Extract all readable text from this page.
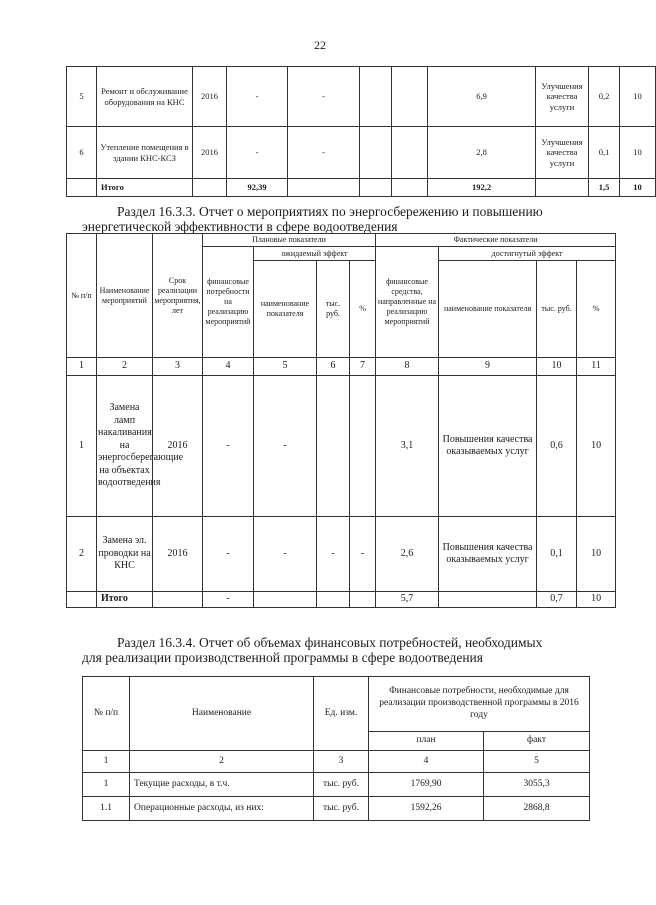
22
5	Ремонт и обслуживание оборудования на КНС	2016	-	-			6,9	Улучшения качества услуги	0,2	10
6	Утепление помещения в здании КНС-КСЗ	2016	-	-			2,8	Улучшения качества услуги	0,1	10
	Итого		92,39				192,2		1,5	10
Раздел 16.3.3. Отчет о мероприятиях по энергосбережению и повышению
энергетической эффективности в сфере водоотведения
№ п/п	Наименование мероприятий	Срок реализации мероприятия, лет	Плановые показатели				Фактические показатели			
			финансовые потребности на реализацию мероприятий	ожидаемый эффект			финансовые средства, направленные на реализацию мероприятий	достигнутый эффект		
				наименование показателя	тыс. руб.	%		наименование показателя	тыс. руб.	%
1	2	3	4	5	6	7	8	9	10	11
1	Замена ламп накаливания на энергосберегающие на объектах водоотведения	2016	-	-			3,1	Повышения качества оказываемых услуг	0,6	10
2	Замена эл. проводки на КНС	2016	-	-	-	-	2,6	Повышения качества оказываемых услуг	0,1	10
	Итого		-				5,7		0,7	10
Раздел 16.3.4. Отчет об объемах финансовых потребностей, необходимых
для реализации производственной программы в сфере водоотведения
№ п/п	Наименование	Ед. изм.	Финансовые потребности, необходимые для реализации производственной программы в 2016 году	
			план	факт
1	2	3	4	5
1	Текущие расходы, в т.ч.	тыс. руб.	1769,90	3055,3
1.1	Операционные расходы, из них:	тыс. руб.	1592,26	2868,8
